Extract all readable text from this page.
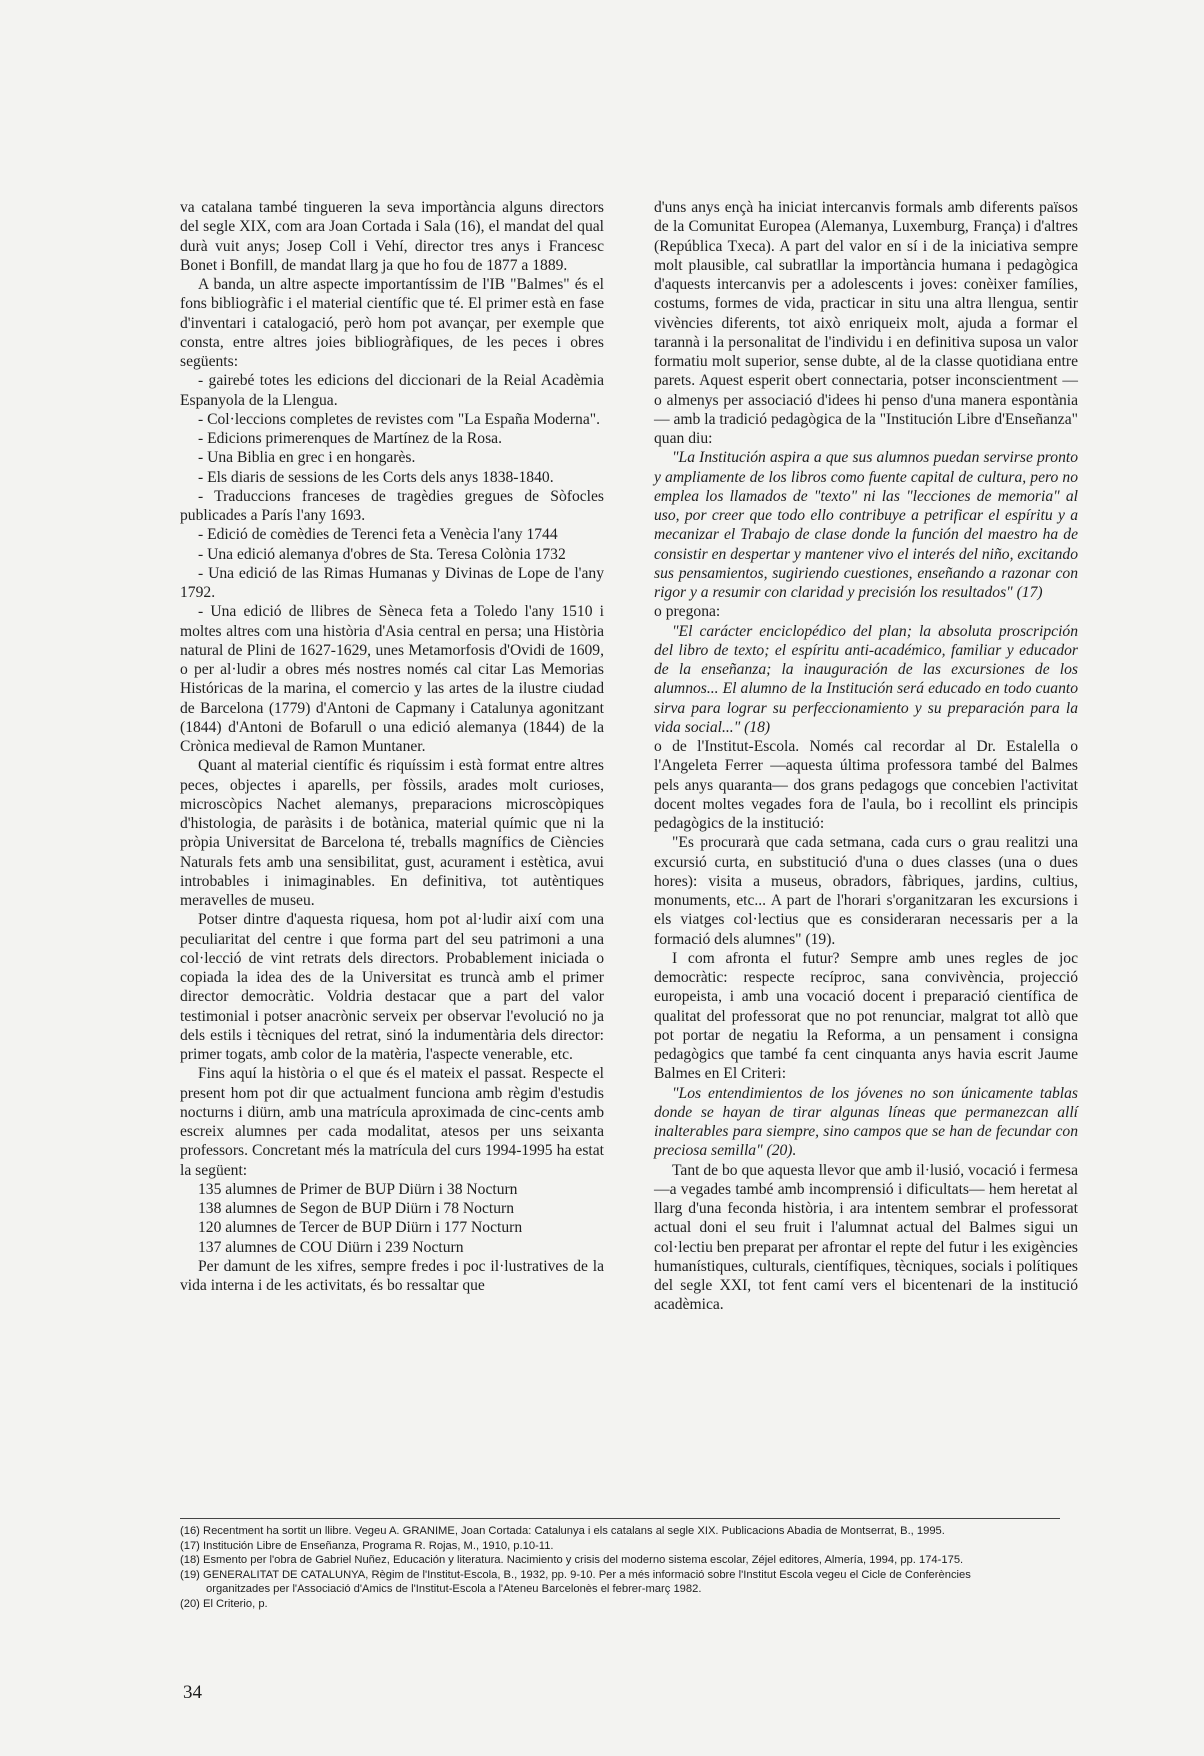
va catalana també tingueren la seva importància alguns directors del segle XIX, com ara Joan Cortada i Sala (16), el mandat del qual durà vuit anys; Josep Coll i Vehí, director tres anys i Francesc Bonet i Bonfill, de mandat llarg ja que ho fou de 1877 a 1889.

A banda, un altre aspecte importantíssim de l'IB "Balmes" és el fons bibliogràfic i el material científic que té. El primer està en fase d'inventari i catalogació, però hom pot avançar, per exemple que consta, entre altres joies bibliogràfiques, de les peces i obres següents:

- gairebé totes les edicions del diccionari de la Reial Acadèmia Espanyola de la Llengua.

- Col·leccions completes de revistes com "La España Moderna".

- Edicions primerenques de Martínez de la Rosa.

- Una Biblia en grec i en hongarès.

- Els diaris de sessions de les Corts dels anys 1838-1840.

- Traduccions franceses de tragèdies gregues de Sòfocles publicades a París l'any 1693.

- Edició de comèdies de Terenci feta a Venècia l'any 1744

- Una edició alemanya d'obres de Sta. Teresa Colònia 1732

- Una edició de las Rimas Humanas y Divinas de Lope de l'any 1792.

- Una edició de llibres de Sèneca feta a Toledo l'any 1510 i moltes altres com una història d'Asia central en persa; una Història natural de Plini de 1627-1629, unes Metamorfosis d'Ovidi de 1609, o per al·ludir a obres més nostres només cal citar Las Memorias Históricas de la marina, el comercio y las artes de la ilustre ciudad de Barcelona (1779) d'Antoni de Capmany i Catalunya agonitzant (1844) d'Antoni de Bofarull o una edició alemanya (1844) de la Crònica medieval de Ramon Muntaner.

Quant al material científic és riquíssim i està format entre altres peces, objectes i aparells, per fòssils, arades molt curioses, microscòpics Nachet alemanys, preparacions microscòpiques d'histologia, de paràsits i de botànica, material químic que ni la pròpia Universitat de Barcelona té, treballs magnífics de Ciències Naturals fets amb una sensibilitat, gust, acurament i estètica, avui introbables i inimaginables. En definitiva, tot autèntiques meravelles de museu.

Potser dintre d'aquesta riquesa, hom pot al·ludir així com una peculiaritat del centre i que forma part del seu patrimoni a una col·lecció de vint retrats dels directors. Probablement iniciada o copiada la idea des de la Universitat es truncà amb el primer director democràtic. Voldria destacar que a part del valor testimonial i potser anacrònic serveix per observar l'evolució no ja dels estils i tècniques del retrat, sinó la indumentària dels director: primer togats, amb color de la matèria, l'aspecte venerable, etc.

Fins aquí la història o el que és el mateix el passat. Respecte el present hom pot dir que actualment funciona amb règim d'estudis nocturns i diürn, amb una matrícula aproximada de cinc-cents amb escreix alumnes per cada modalitat, atesos per uns seixanta professors. Concretant més la matrícula del curs 1994-1995 ha estat la següent:

135 alumnes de Primer de BUP Diürn i 38 Nocturn

138 alumnes de Segon de BUP Diürn i 78 Nocturn

120 alumnes de Tercer de BUP Diürn i 177 Nocturn

137 alumnes de COU Diürn i 239 Nocturn

Per damunt de les xifres, sempre fredes i poc il·lustratives de la vida interna i de les activitats, és bo ressaltar que

d'uns anys ençà ha iniciat intercanvis formals amb diferents països de la Comunitat Europea (Alemanya, Luxemburg, França) i d'altres (República Txeca). A part del valor en sí i de la iniciativa sempre molt plausible, cal subratllar la importància humana i pedagògica d'aquests intercanvis per a adolescents i joves: conèixer famílies, costums, formes de vida, practicar in situ una altra llengua, sentir vivències diferents, tot això enriqueix molt, ajuda a formar el tarannà i la personalitat de l'individu i en definitiva suposa un valor formatiu molt superior, sense dubte, al de la classe quotidiana entre parets. Aquest esperit obert connectaria, potser inconscientment —o almenys per associació d'idees hi penso d'una manera espontània— amb la tradició pedagògica de la "Institución Libre d'Enseñanza" quan diu:

"La Institución aspira a que sus alumnos puedan servirse pronto y ampliamente de los libros como fuente capital de cultura, pero no emplea los llamados de "texto" ni las "lecciones de memoria" al uso, por creer que todo ello contribuye a petrificar el espíritu y a mecanizar el Trabajo de clase donde la función del maestro ha de consistir en despertar y mantener vivo el interés del niño, excitando sus pensamientos, sugiriendo cuestiones, enseñando a razonar con rigor y a resumir con claridad y precisión los resultados" (17)

o pregona:

"El carácter enciclopédico del plan; la absoluta proscripción del libro de texto; el espíritu anti-académico, familiar y educador de la enseñanza; la inauguración de las excursiones de los alumnos... El alumno de la Institución será educado en todo cuanto sirva para lograr su perfeccionamiento y su preparación para la vida social..." (18)

o de l'Institut-Escola. Només cal recordar al Dr. Estalella o l'Angeleta Ferrer —aquesta última professora també del Balmes pels anys quaranta— dos grans pedagogs que concebien l'activitat docent moltes vegades fora de l'aula, bo i recollint els principis pedagògics de la institució:

"Es procurarà que cada setmana, cada curs o grau realitzi una excursió curta, en substitució d'una o dues classes (una o dues hores): visita a museus, obradors, fàbriques, jardins, cultius, monuments, etc... A part de l'horari s'organitzaran les excursions i els viatges col·lectius que es consideraran necessaris per a la formació dels alumnes" (19).

I com afronta el futur? Sempre amb unes regles de joc democràtic: respecte recíproc, sana convivència, projecció europeista, i amb una vocació docent i preparació científica de qualitat del professorat que no pot renunciar, malgrat tot allò que pot portar de negatiu la Reforma, a un pensament i consigna pedagògics que també fa cent cinquanta anys havia escrit Jaume Balmes en El Criteri:

"Los entendimientos de los jóvenes no son únicamente tablas donde se hayan de tirar algunas líneas que permanezcan allí inalterables para siempre, sino campos que se han de fecundar con preciosa semilla" (20).

Tant de bo que aquesta llevor que amb il·lusió, vocació i fermesa —a vegades també amb incomprensió i dificultats— hem heretat al llarg d'una feconda història, i ara intentem sembrar el professorat actual doni el seu fruit i l'alumnat actual del Balmes sigui un col·lectiu ben preparat per afrontar el repte del futur i les exigències humanístiques, culturals, científiques, tècniques, socials i polítiques del segle XXI, tot fent camí vers el bicentenari de la institució acadèmica.

(16) Recentment ha sortit un llibre. Vegeu A. GRANIME, Joan Cortada: Catalunya i els catalans al segle XIX. Publicacions Abadia de Montserrat, B., 1995.
(17) Institución Libre de Enseñanza, Programa R. Rojas, M., 1910, p.10-11.
(18) Esmento per l'obra de Gabriel Nuñez, Educación y literatura. Nacimiento y crisis del moderno sistema escolar, Zéjel editores, Almería, 1994, pp. 174-175.
(19) GENERALITAT DE CATALUNYA, Règim de l'Institut-Escola, B., 1932, pp. 9-10. Per a més informació sobre l'Institut Escola vegeu el Cicle de Conferències
organitzades per l'Associació d'Amics de l'Institut-Escola a l'Ateneu Barcelonès el febrer-març 1982.
(20) El Criterio, p.
34
